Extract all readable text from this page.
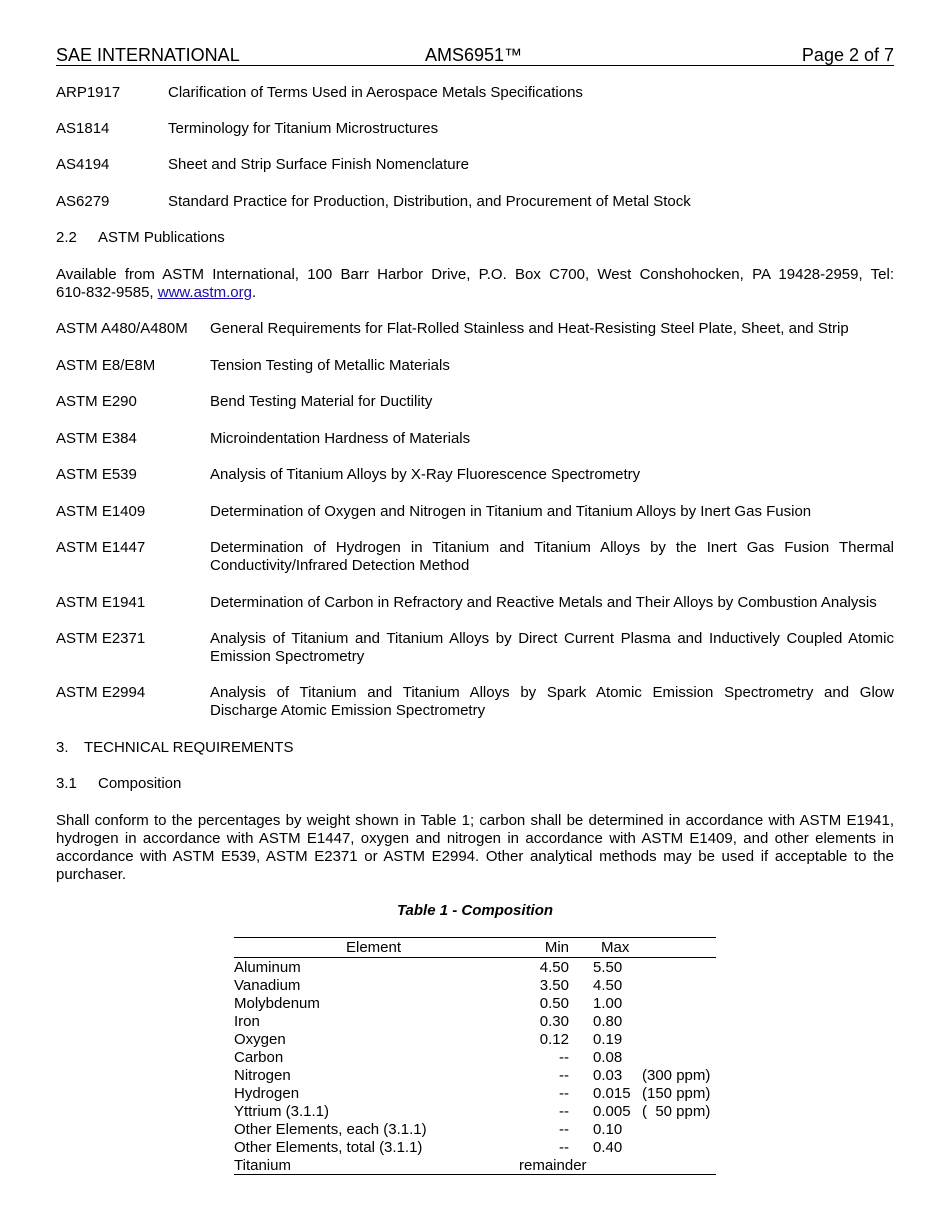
SAE INTERNATIONAL	AMS6951™	Page 2 of 7
ARP1917	Clarification of Terms Used in Aerospace Metals Specifications
AS1814	Terminology for Titanium Microstructures
AS4194	Sheet and Strip Surface Finish Nomenclature
AS6279	Standard Practice for Production, Distribution, and Procurement of Metal Stock
2.2 ASTM Publications
Available from ASTM International, 100 Barr Harbor Drive, P.O. Box C700, West Conshohocken, PA 19428-2959, Tel:
610-832-9585, www.astm.org.
ASTM A480/A480M General Requirements for Flat-Rolled Stainless and Heat-Resisting Steel Plate, Sheet, and Strip
ASTM E8/E8M	Tension Testing of Metallic Materials
ASTM E290	Bend Testing Material for Ductility
ASTM E384	Microindentation Hardness of Materials
ASTM E539	Analysis of Titanium Alloys by X-Ray Fluorescence Spectrometry
ASTM E1409	Determination of Oxygen and Nitrogen in Titanium and Titanium Alloys by Inert Gas Fusion
ASTM E1447	Determination of Hydrogen in Titanium and Titanium Alloys by the Inert Gas Fusion Thermal
Conductivity/Infrared Detection Method
ASTM E1941	Determination of Carbon in Refractory and Reactive Metals and Their Alloys by Combustion Analysis
ASTM E2371	Analysis of Titanium and Titanium Alloys by Direct Current Plasma and Inductively Coupled Atomic
Emission Spectrometry
ASTM E2994	Analysis of Titanium and Titanium Alloys by Spark Atomic Emission Spectrometry and Glow
Discharge Atomic Emission Spectrometry
3. TECHNICAL REQUIREMENTS
3.1 Composition
Shall conform to the percentages by weight shown in Table 1; carbon shall be determined in accordance with ASTM E1941,
hydrogen in accordance with ASTM E1447, oxygen and nitrogen in accordance with ASTM E1409, and other elements in
accordance with ASTM E539, ASTM E2371 or ASTM E2994. Other analytical methods may be used if acceptable to the
purchaser.
Table 1 - Composition
Element	Min Max
Aluminum	4.50 5.50
Vanadium	3.50 4.50
Molybdenum	0.50 1.00
Iron	0.30 0.80
Oxygen	0.12 0.19
Carbon	-- 0.08
Nitrogen	-- 0.03 (300 ppm)
Hydrogen	-- 0.015 (150 ppm)
Yttrium (3.1.1)	-- 0.005 (  50 ppm)
Other Elements, each (3.1.1)	-- 0.10
Other Elements, total (3.1.1)	-- 0.40
Titanium	remainder
